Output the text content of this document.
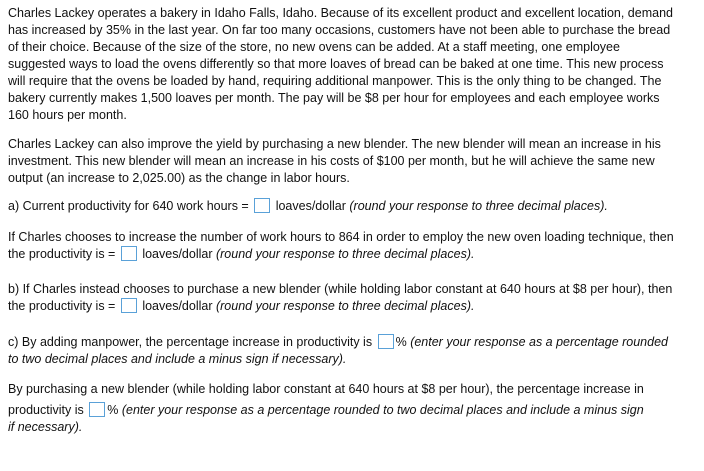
Charles Lackey operates a bakery in Idaho Falls, Idaho. Because of its excellent product and excellent location, demand

has increased by 35% in the last year. On far too many occasions, customers have not been able to purchase the bread

of their choice. Because of the size of the store, no new ovens can be added. At a staff meeting, one employee

suggested ways to load the ovens differently so that more loaves of bread can be baked at one time. This new process

will require that the ovens be loaded by hand, requiring additional manpower. This is the only thing to be changed. The

bakery currently makes 1,500 loaves per month. The pay will be $8 per hour for employees and each employee works

160 hours per month.

Charles Lackey can also improve the yield by purchasing a new blender. The new blender will mean an increase in his

investment. This new blender will mean an increase in his costs of $100 per month, but he will achieve the same new

output (an increase to 2,025.00) as the change in labor hours.

a) Current productivity for 640 work hours = loaves/dollar (round your response to three decimal places).

If Charles chooses to increase the number of work hours to 864 in order to employ the new oven loading technique, then

the productivity is = loaves/dollar (round your response to three decimal places).

b) If Charles instead chooses to purchase a new blender (while holding labor constant at 640 hours at $8 per hour), then

the productivity is = loaves/dollar (round your response to three decimal places).

c) By adding manpower, the percentage increase in productivity is % (enter your response as a percentage rounded

to two decimal places and include a minus sign if necessary).

By purchasing a new blender (while holding labor constant at 640 hours at $8 per hour), the percentage increase in

productivity is % (enter your response as a percentage rounded to two decimal places and include a minus sign

if necessary).
